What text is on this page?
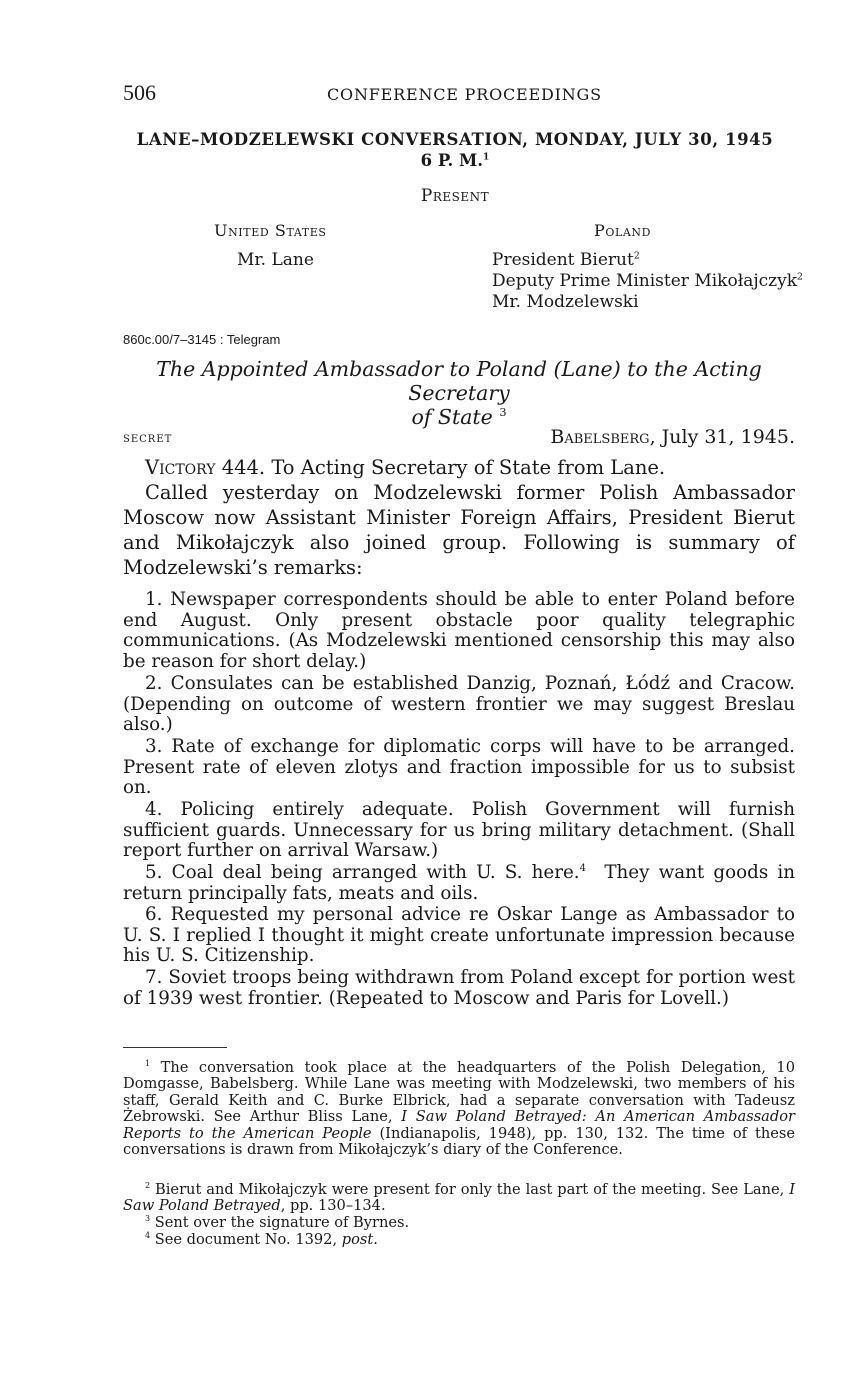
506	CONFERENCE PROCEEDINGS
LANE–MODZELEWSKI CONVERSATION, MONDAY, JULY 30, 1945
6 P. M.$^1$
Present
United States
Mr. Lane
Poland
President Bierut$^2$
Deputy Prime Minister Mikołajczyk$^2$
Mr. Modzelewski
860c.00/7–3145 : Telegram
The Appointed Ambassador to Poland (Lane) to the Acting Secretary
of State $^3$
secret	Babelsberg, July 31, 1945.
Victory 444. To Acting Secretary of State from Lane.
Called yesterday on Modzelewski former Polish Ambassador Moscow now Assistant Minister Foreign Affairs, President Bierut and Mikołajczyk also joined group. Following is summary of Modzelewski’s remarks:
1. Newspaper correspondents should be able to enter Poland before end August. Only present obstacle poor quality telegraphic communications. (As Modzelewski mentioned censorship this may also be reason for short delay.)
2. Consulates can be established Danzig, Poznań, Łódź and Cracow. (Depending on outcome of western frontier we may suggest Breslau also.)
3. Rate of exchange for diplomatic corps will have to be arranged. Present rate of eleven zlotys and fraction impossible for us to subsist on.
4. Policing entirely adequate. Polish Government will furnish sufficient guards. Unnecessary for us bring military detachment. (Shall report further on arrival Warsaw.)
5. Coal deal being arranged with U. S. here.$^4$ They want goods in return principally fats, meats and oils.
6. Requested my personal advice re Oskar Lange as Ambassador to U. S. I replied I thought it might create unfortunate impression because his U. S. Citizenship.
7. Soviet troops being withdrawn from Poland except for portion west of 1939 west frontier. (Repeated to Moscow and Paris for Lovell.)
$^1$ The conversation took place at the headquarters of the Polish Delegation, 10 Domgasse, Babelsberg. While Lane was meeting with Modzelewski, two members of his staff, Gerald Keith and C. Burke Elbrick, had a separate conversation with Tadeusz Żebrowski. See Arthur Bliss Lane, I Saw Poland Betrayed: An American Ambassador Reports to the American People (Indianapolis, 1948), pp. 130, 132. The time of these conversations is drawn from Mikołajczyk’s diary of the Conference.
$^2$ Bierut and Mikołajczyk were present for only the last part of the meeting. See Lane, I Saw Poland Betrayed, pp. 130–134.
$^3$ Sent over the signature of Byrnes.
$^4$ See document No. 1392, post.
